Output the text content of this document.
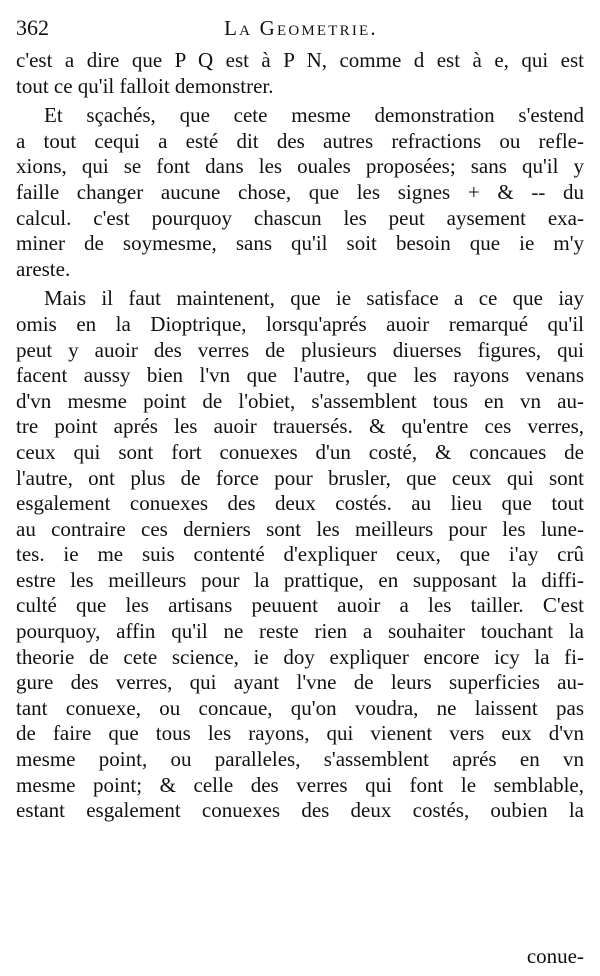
362	La Geometrie.
c'est a dire que P Q est à P N, comme d est à e, qui est
tout ce qu'il falloit demonstrer.
Et sçachés, que cete mesme demonstration s'estend
a tout cequi a esté dit des autres refractions ou refle-
xions, qui se font dans les ouales proposées; sans qu'il y
faille changer aucune chose, que les signes + & -- du
calcul. c'est pourquoy chascun les peut aysement exa-
miner de soymesme, sans qu'il soit besoin que ie m'y
areste.
Mais il faut maintenent, que ie satisface a ce que iay
omis en la Dioptrique, lorsqu'aprés auoir remarqué qu'il
peut y auoir des verres de plusieurs diuerses figures, qui
facent aussy bien l'vn que l'autre, que les rayons venans
d'vn mesme point de l'obiet, s'assemblent tous en vn au-
tre point aprés les auoir trauersés. & qu'entre ces verres,
ceux qui sont fort conuexes d'un costé, & concaues de
l'autre, ont plus de force pour brusler, que ceux qui sont
esgalement conuexes des deux costés. au lieu que tout
au contraire ces derniers sont les meilleurs pour les lune-
tes. ie me suis contenté d'expliquer ceux, que i'ay crû
estre les meilleurs pour la prattique, en supposant la diffi-
culté que les artisans peuuent auoir a les tailler. C'est
pourquoy, affin qu'il ne reste rien a souhaiter touchant la
theorie de cete science, ie doy expliquer encore icy la fi-
gure des verres, qui ayant l'vne de leurs superficies au-
tant conuexe, ou concaue, qu'on voudra, ne laissent pas
de faire que tous les rayons, qui vienent vers eux d'vn
mesme point, ou paralleles, s'assemblent aprés en vn
mesme point; & celle des verres qui font le semblable,
estant esgalement conuexes des deux costés, oubien la
conue-
